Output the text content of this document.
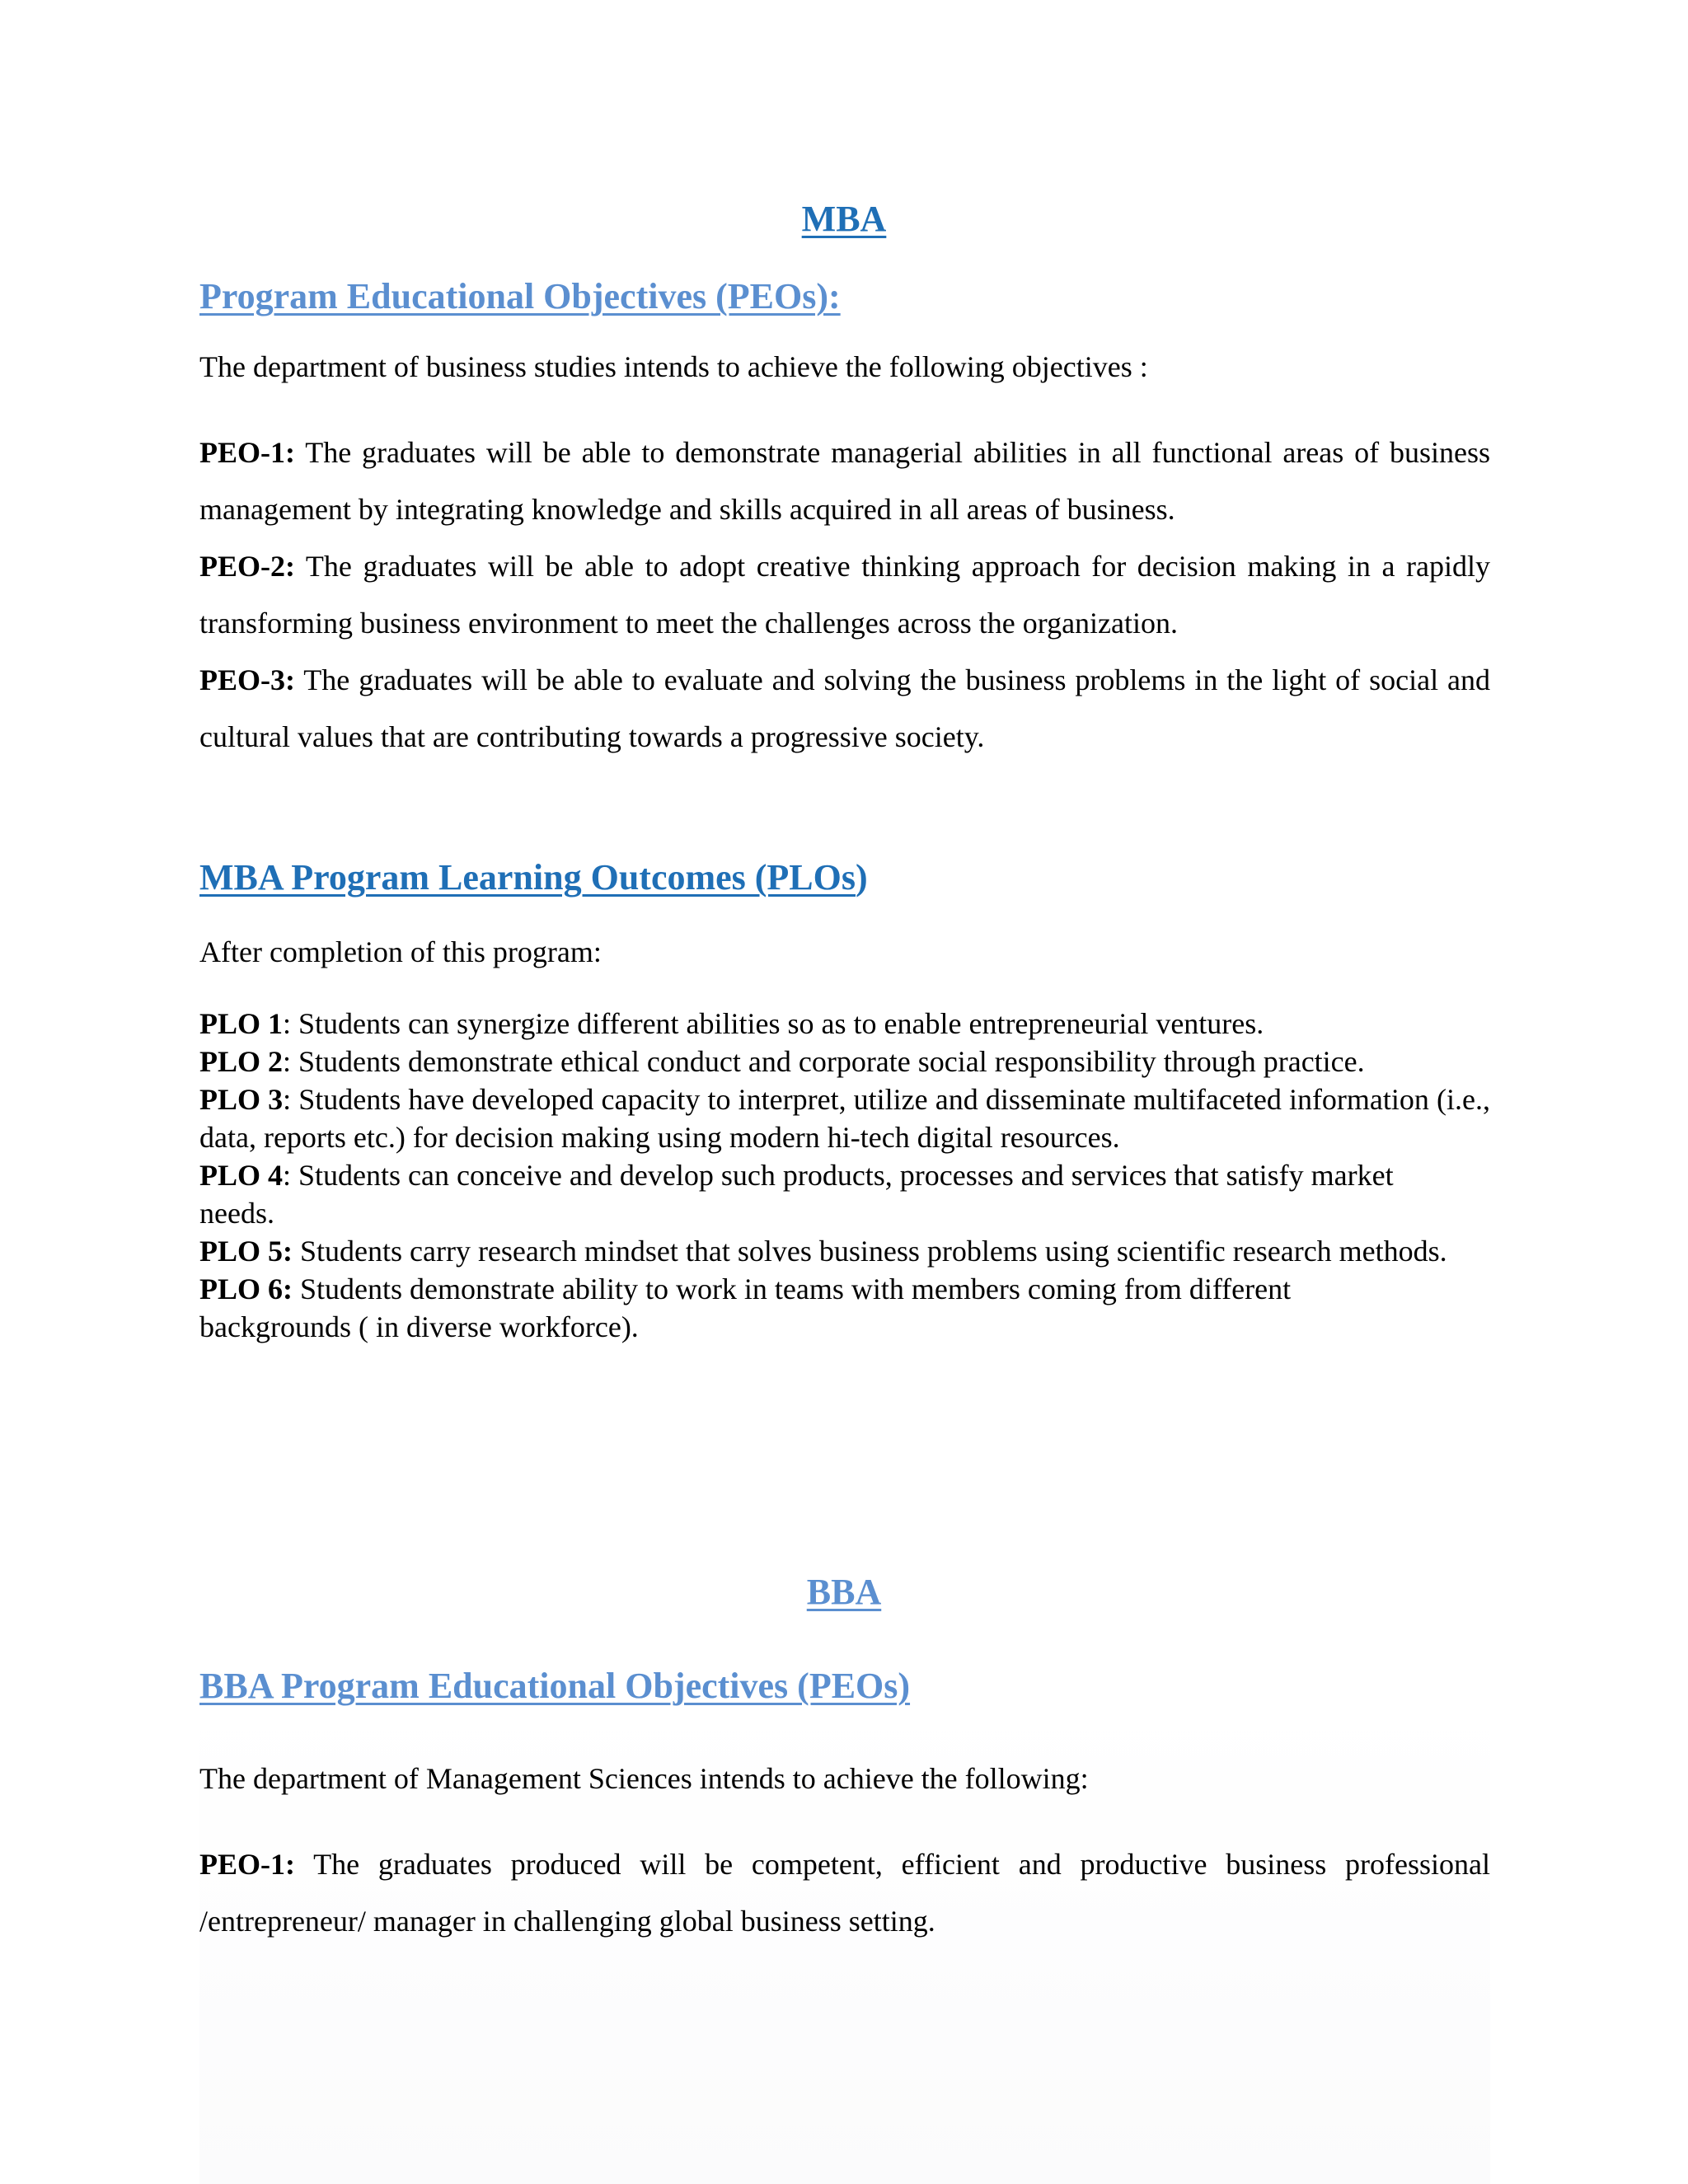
MBA
Program Educational Objectives (PEOs):

The department of business studies intends to achieve the following objectives :

PEO-1: The graduates will be able to demonstrate managerial abilities in all functional areas of business management by integrating knowledge and skills acquired in all areas of business.
PEO-2: The graduates will be able to adopt creative thinking approach for decision making in a rapidly transforming business environment to meet the challenges across the organization.
PEO-3: The graduates will be able to evaluate and solving the business problems in the light of social and cultural values that are contributing towards a progressive society.
MBA Program Learning Outcomes (PLOs)

After completion of this program:

PLO 1: Students can synergize different abilities so as to enable entrepreneurial ventures.
PLO 2: Students demonstrate ethical conduct and corporate social responsibility through practice.
PLO 3: Students have developed capacity to interpret, utilize and disseminate multifaceted information (i.e., data, reports etc.) for decision making using modern hi-tech digital resources.
PLO 4: Students can conceive and develop such products, processes and services that satisfy market needs.
PLO 5: Students carry research mindset that solves business problems using scientific research methods.
PLO 6: Students demonstrate ability to work in teams with members coming from different backgrounds ( in diverse workforce).
BBA
BBA Program Educational Objectives (PEOs)

The department of Management Sciences intends to achieve the following:

PEO-1: The graduates produced will be competent, efficient and productive business professional /entrepreneur/ manager in challenging global business setting.
